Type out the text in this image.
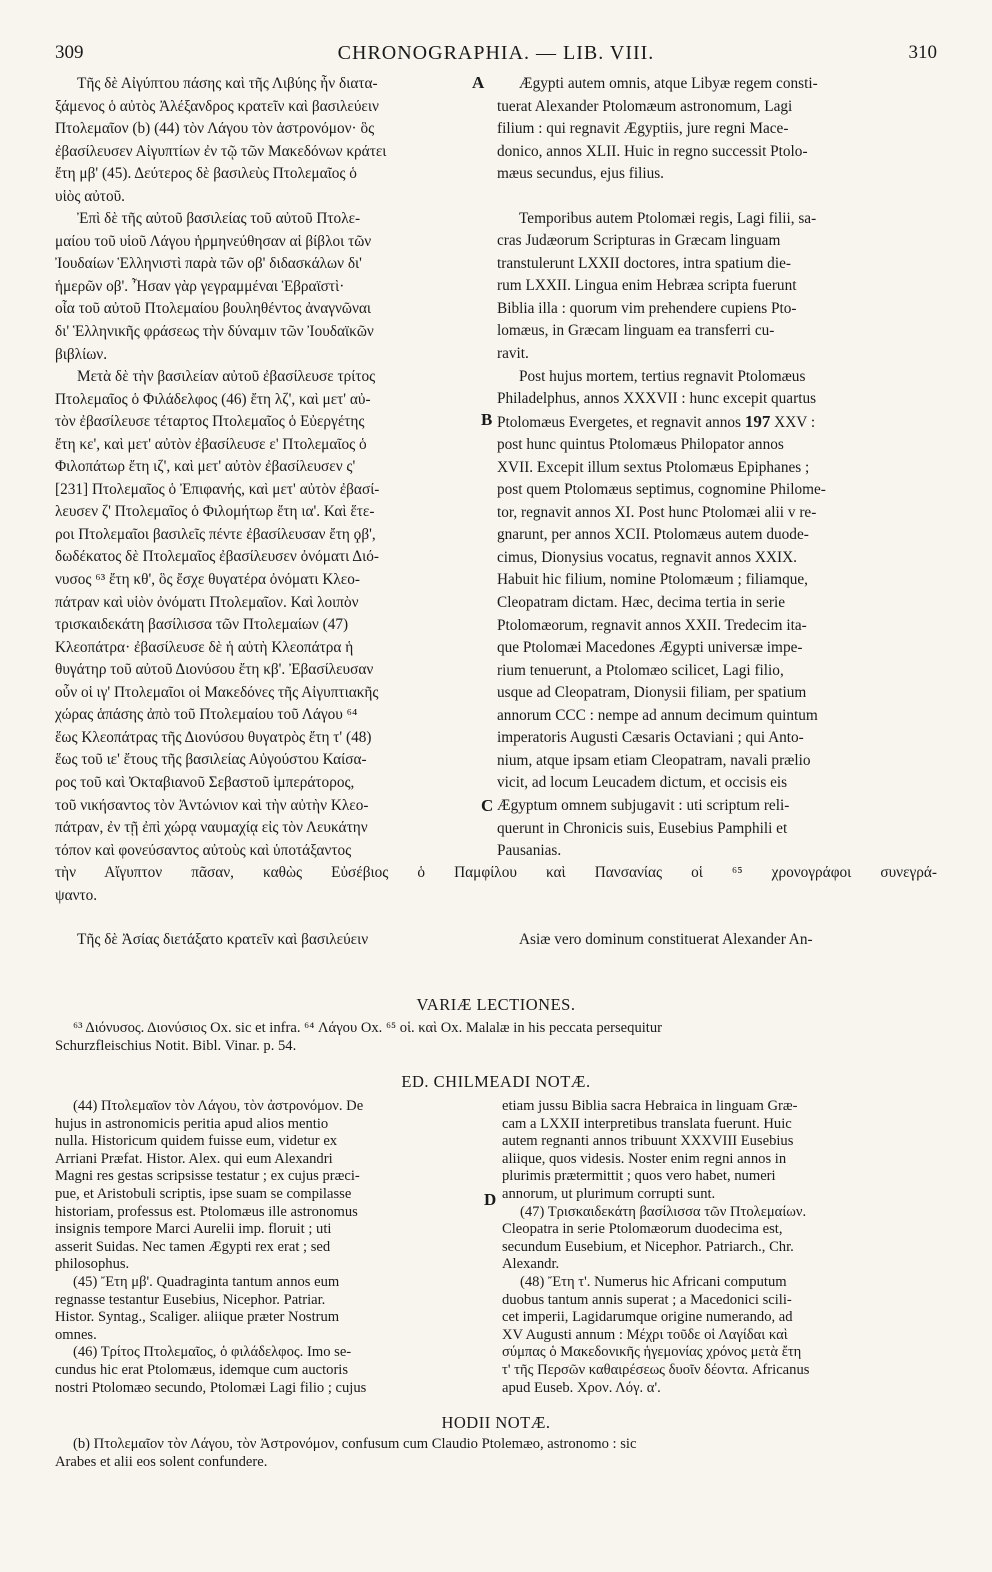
309	CHRONOGRAPHIA. — LIB. VIII.	310

Τῆς δὲ Αἰγύπτου πάσης καὶ τῆς Λιβύης ἦν διατα-

ξάμενος ὁ αὐτὸς Ἀλέξανδρος κρατεῖν καὶ βασιλεύειν

Πτολεμαῖον (b) (44) τὸν Λάγου τὸν ἀστρονόμον· ὃς

ἐβασίλευσεν Αἰγυπτίων ἐν τῷ τῶν Μακεδόνων κράτει

ἔτη μβ' (45). Δεύτερος δὲ βασιλεὺς Πτολεμαῖος ὁ

υἱὸς αὐτοῦ.

Ἐπὶ δὲ τῆς αὐτοῦ βασιλείας τοῦ αὐτοῦ Πτολε-

μαίου τοῦ υἱοῦ Λάγου ἡρμηνεύθησαν αἱ βίβλοι τῶν

Ἰουδαίων Ἑλληνιστὶ παρὰ τῶν οβ' διδασκάλων δι'

ἡμερῶν οβ'. Ἦσαν γὰρ γεγραμμέναι Ἑβραϊστὶ·

οἷα τοῦ αὐτοῦ Πτολεμαίου βουληθέντος ἀναγνῶναι

δι' Ἑλληνικῆς φράσεως τὴν δύναμιν τῶν Ἰουδαϊκῶν

βιβλίων.

Μετὰ δὲ τὴν βασιλείαν αὐτοῦ ἐβασίλευσε τρίτος

Πτολεμαῖος ὁ Φιλάδελφος (46) ἔτη λζ', καὶ μετ' αὐ-

τὸν ἐβασίλευσε τέταρτος Πτολεμαῖος ὁ Εὐεργέτης

ἔτη κε', καὶ μετ' αὐτὸν ἐβασίλευσε ε' Πτολεμαῖος ὁ

Φιλοπάτωρ ἔτη ιζ', καὶ μετ' αὐτὸν ἐβασίλευσεν ς'

[231] Πτολεμαῖος ὁ Ἐπιφανής, καὶ μετ' αὐτὸν ἐβασί-

λευσεν ζ' Πτολεμαῖος ὁ Φιλομήτωρ ἔτη ια'. Καὶ ἕτε-

ροι Πτολεμαῖοι βασιλεῖς πέντε ἐβασίλευσαν ἔτη ϙβ',

δωδέκατος δὲ Πτολεμαῖος ἐβασίλευσεν ὀνόματι Διό-

νυσος ⁶³ ἔτη κθ', ὃς ἔσχε θυγατέρα ὀνόματι Κλεο-

πάτραν καὶ υἱὸν ὀνόματι Πτολεμαῖον. Καὶ λοιπὸν

τρισκαιδεκάτη βασίλισσα τῶν Πτολεμαίων (47)

Κλεοπάτρα· ἐβασίλευσε δὲ ἡ αὐτὴ Κλεοπάτρα ἡ

θυγάτηρ τοῦ αὐτοῦ Διονύσου ἔτη κβ'. Ἐβασίλευσαν

οὖν οἱ ιγ' Πτολεμαῖοι οἱ Μακεδόνες τῆς Αἰγυπτιακῆς

χώρας ἁπάσης ἀπὸ τοῦ Πτολεμαίου τοῦ Λάγου ⁶⁴

ἕως Κλεοπάτρας τῆς Διονύσου θυγατρὸς ἔτη τ' (48)

ἕως τοῦ ιε' ἔτους τῆς βασιλείας Αὐγούστου Καίσα-

ρος τοῦ καὶ Ὀκταβιανοῦ Σεβαστοῦ ἰμπεράτορος,

τοῦ νικήσαντος τὸν Ἀντώνιον καὶ τὴν αὐτὴν Κλεο-

πάτραν, ἐν τῇ ἐπὶ χώρᾳ ναυμαχίᾳ εἰς τὸν Λευκάτην

τόπον καὶ φονεύσαντος αὐτοὺς καὶ ὑποτάξαντος

τὴν Αἴγυπτον πᾶσαν, καθὼς Εὐσέβιος ὁ Παμφίλου καὶ Πανσανίας οἱ ⁶⁵ χρονογράφοι συνεγρά-

ψαντο.

Τῆς δὲ Ἀσίας διετάξατο κρατεῖν καὶ βασιλεύειν

Ægypti autem omnis, atque Libyæ regem consti-

tuerat Alexander Ptolomæum astronomum, Lagi

filium : qui regnavit Ægyptiis, jure regni Mace-

donico, annos XLII. Huic in regno successit Ptolo-

mæus secundus, ejus filius.

Temporibus autem Ptolomæi regis, Lagi filii, sa-

cras Judæorum Scripturas in Græcam linguam

transtulerunt LXXII doctores, intra spatium die-

rum LXXII. Lingua enim Hebræa scripta fuerunt

Biblia illa : quorum vim prehendere cupiens Pto-

lomæus, in Græcam linguam ea transferri cu-

ravit.

Post hujus mortem, tertius regnavit Ptolomæus

Philadelphus, annos XXXVII : hunc excepit quartus

Ptolomæus Evergetes, et regnavit annos 197 XXV :

post hunc quintus Ptolomæus Philopator annos

XVII. Excepit illum sextus Ptolomæus Epiphanes ;

post quem Ptolomæus septimus, cognomine Philome-

tor, regnavit annos XI. Post hunc Ptolomæi alii v re-

gnarunt, per annos XCII. Ptolomæus autem duode-

cimus, Dionysius vocatus, regnavit annos XXIX.

Habuit hic filium, nomine Ptolomæum ; filiamque,

Cleopatram dictam. Hæc, decima tertia in serie

Ptolomæorum, regnavit annos XXII. Tredecim ita-

que Ptolomæi Macedones Ægypti universæ impe-

rium tenuerunt, a Ptolomæo scilicet, Lagi filio,

usque ad Cleopatram, Dionysii filiam, per spatium

annorum CCC : nempe ad annum decimum quintum

imperatoris Augusti Cæsaris Octaviani ; qui Anto-

nium, atque ipsam etiam Cleopatram, navali prælio

vicit, ad locum Leucadem dictum, et occisis eis

Ægyptum omnem subjugavit : uti scriptum reli-

querunt in Chronicis suis, Eusebius Pamphili et

Pausanias.

Asiæ vero dominum constituerat Alexander An-

A
B
C
VARIÆ LECTIONES.

⁶³ Διόνυσος. Διονύσιος Ox. sic et infra. ⁶⁴ Λάγου Ox. ⁶⁵ οἱ. καὶ Ox. Malalæ in his peccata persequitur

Schurzfleischius Notit. Bibl. Vinar. p. 54.

ED. CHILMEADI NOTÆ.

(44) Πτολεμαῖον τὸν Λάγου, τὸν ἀστρονόμον. De

hujus in astronomicis peritia apud alios mentio

nulla. Historicum quidem fuisse eum, videtur ex

Arriani Præfat. Histor. Alex. qui eum Alexandri

Magni res gestas scripsisse testatur ; ex cujus præci-

pue, et Aristobuli scriptis, ipse suam se compilasse

historiam, professus est. Ptolomæus ille astronomus

insignis tempore Marci Aurelii imp. floruit ; uti

asserit Suidas. Nec tamen Ægypti rex erat ; sed

philosophus.

(45) Ἔτη μβ'. Quadraginta tantum annos eum

regnasse testantur Eusebius, Nicephor. Patriar.

Histor. Syntag., Scaliger. aliique præter Nostrum

omnes.

(46) Τρίτος Πτολεμαῖος, ὁ φιλάδελφος. Imo se-

cundus hic erat Ptolomæus, idemque cum auctoris

nostri Ptolomæo secundo, Ptolomæi Lagi filio ; cujus

D

etiam jussu Biblia sacra Hebraica in linguam Græ-

cam a LXXII interpretibus translata fuerunt. Huic

autem regnanti annos tribuunt XXXVIII Eusebius

aliique, quos videsis. Noster enim regni annos in

plurimis prætermittit ; quos vero habet, numeri

annorum, ut plurimum corrupti sunt.

(47) Τρισκαιδεκάτη βασίλισσα τῶν Πτολεμαίων.

Cleopatra in serie Ptolomæorum duodecima est,

secundum Eusebium, et Nicephor. Patriarch., Chr.

Alexandr.

(48) Ἔτη τ'. Numerus hic Africani computum

duobus tantum annis superat ; a Macedonici scili-

cet imperii, Lagidarumque origine numerando, ad

XV Augusti annum : Μέχρι τοῦδε οἱ Λαγίδαι καὶ

σύμπας ὁ Μακεδονικῆς ἡγεμονίας χρόνος μετὰ ἔτη

τ' τῆς Περσῶν καθαιρέσεως δυοῖν δέοντα. Africanus

apud Euseb. Χρον. Λόγ. α'.

HODII NOTÆ.

(b) Πτολεμαῖον τὸν Λάγου, τὸν Ἀστρονόμον, confusum cum Claudio Ptolemæo, astronomo : sic

Arabes et alii eos solent confundere.
